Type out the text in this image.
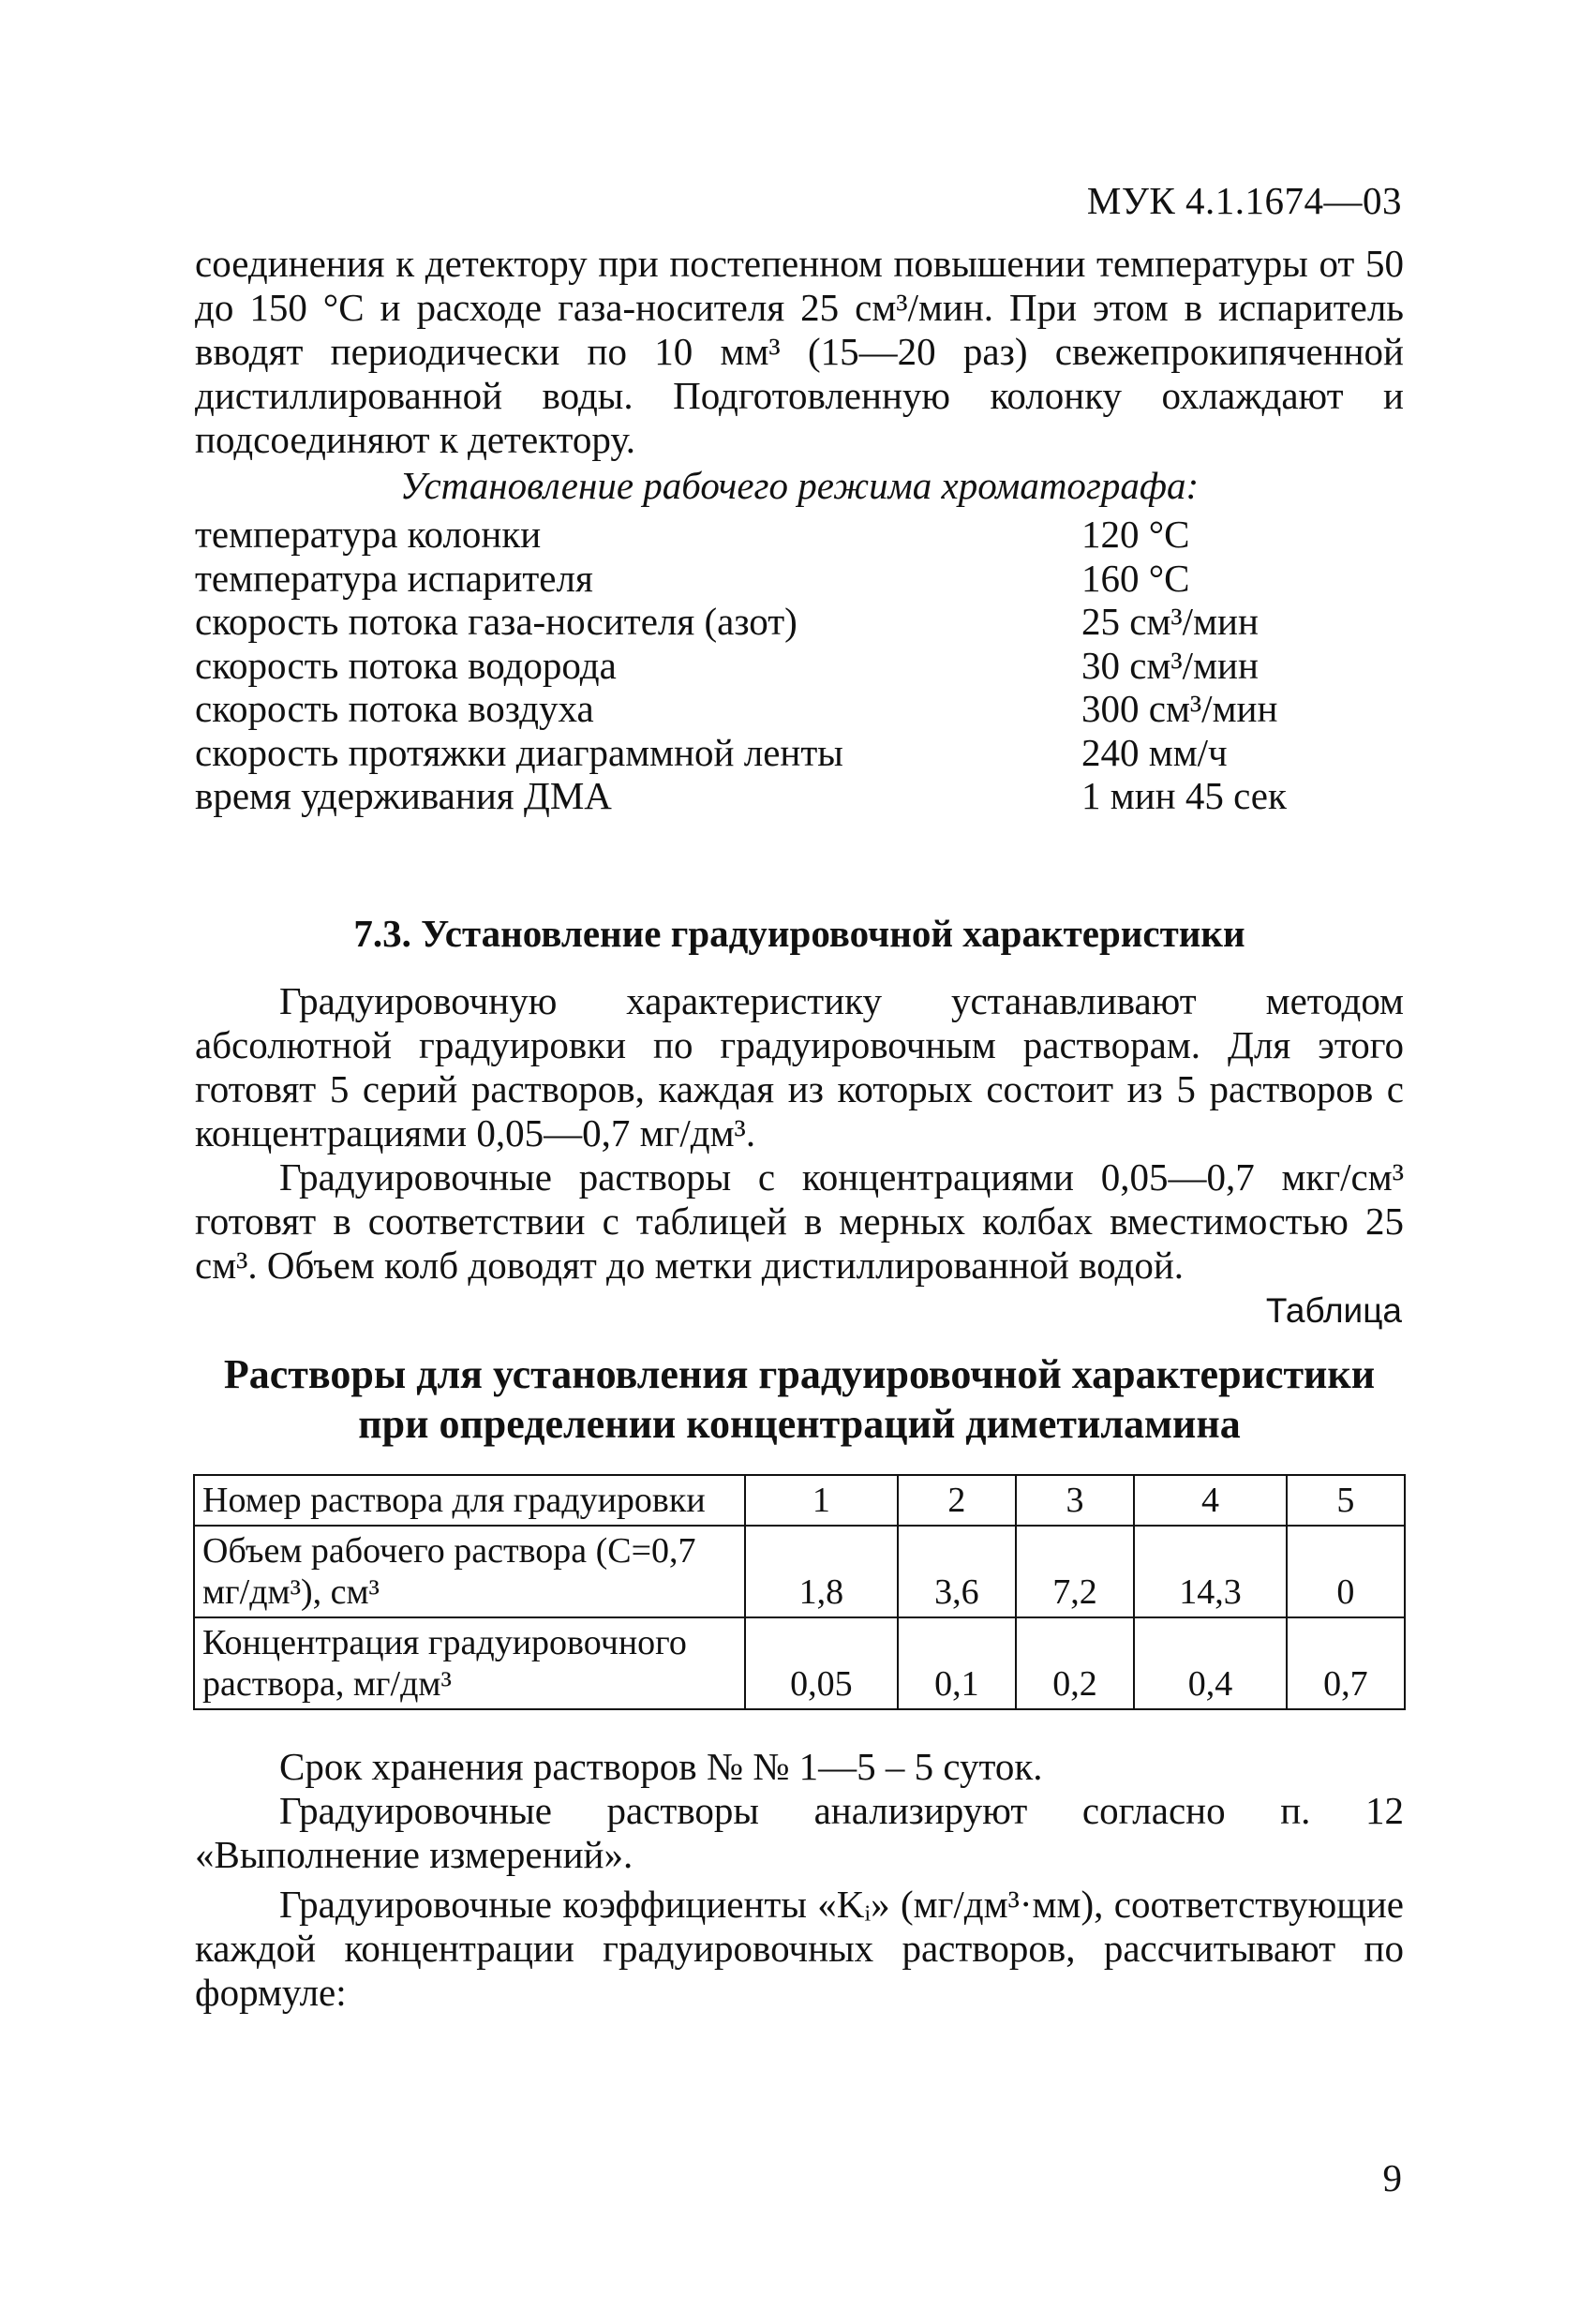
МУК 4.1.1674—03

соединения к детектору при постепенном повышении температуры от 50 до 150 °С и расходе газа-носителя 25 см³/мин. При этом в испаритель вводят периодически по 10 мм³ (15—20 раз) свежепрокипяченной дистиллированной воды. Подготовленную колонку охлаждают и подсоединяют к детектору.

Установление рабочего режима хроматографа:

температура колонки	120 °С
температура испарителя	160 °С
скорость потока газа-носителя (азот)	25 см³/мин
скорость потока водорода	30 см³/мин
скорость потока воздуха	300 см³/мин
скорость протяжки диаграммной ленты	240 мм/ч
время удерживания ДМА	1 мин 45 сек
7.3. Установление градуировочной характеристики

Градуировочную характеристику устанавливают методом абсолютной градуировки по градуировочным растворам. Для этого готовят 5 серий растворов, каждая из которых состоит из 5 растворов с концентрациями 0,05—0,7 мг/дм³.

Градуировочные растворы с концентрациями 0,05—0,7 мкг/см³ готовят в соответствии с таблицей в мерных колбах вместимостью 25 см³. Объем колб доводят до метки дистиллированной водой.

Таблица
Растворы для установления градуировочной характеристики
при определении концентраций диметиламина
Номер раствора для градуировки	1	2	3	4	5
Объем рабочего раствора (С=0,7 мг/дм³), см³	1,8	3,6	7,2	14,3	0
Концентрация градуировочного раствора, мг/дм³	0,05	0,1	0,2	0,4	0,7

Срок хранения растворов № № 1—5 – 5 суток.

Градуировочные растворы анализируют согласно п. 12 «Выполнение измерений».

Градуировочные коэффициенты «Kᵢ» (мг/дм³·мм), соответствующие каждой концентрации градуировочных растворов, рассчитывают по формуле:

9
